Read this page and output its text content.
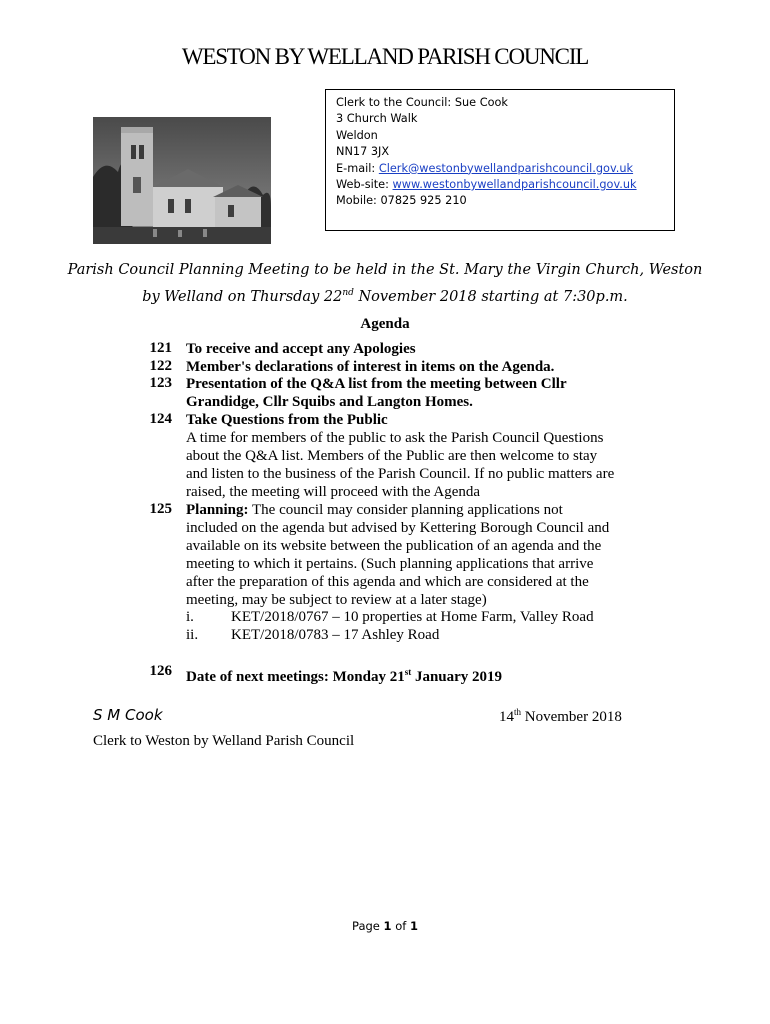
WESTON BY WELLAND PARISH COUNCIL
Clerk to the Council: Sue Cook
3 Church Walk
Weldon
NN17 3JX
E-mail: Clerk@westonbywellandparishcouncil.gov.uk
Web-site: www.westonbywellandparishcouncil.gov.uk
Mobile: 07825 925 210
Parish Council Planning Meeting to be held in the St. Mary the Virgin Church, Weston
by Welland on Thursday 22nd November 2018 starting at 7:30p.m.
Agenda
121 To receive and accept any Apologies
122 Member's declarations of interest in items on the Agenda.
123 Presentation of the Q&A list from the meeting between Cllr
Grandidge, Cllr Squibs and Langton Homes.
124 Take Questions from the Public
A time for members of the public to ask the Parish Council Questions
about the Q&A list. Members of the Public are then welcome to stay
and listen to the business of the Parish Council. If no public matters are
raised, the meeting will proceed with the Agenda
125 Planning: The council may consider planning applications not
included on the agenda but advised by Kettering Borough Council and
available on its website between the publication of an agenda and the
meeting to which it pertains. (Such planning applications that arrive
after the preparation of this agenda and which are considered at the
meeting, may be subject to review at a later stage)
i. KET/2018/0767 – 10 properties at Home Farm, Valley Road
ii. KET/2018/0783 – 17 Ashley Road
126 Date of next meetings: Monday 21st January 2019
S M Cook	14th November 2018
Clerk to Weston by Welland Parish Council
Page 1 of 1
